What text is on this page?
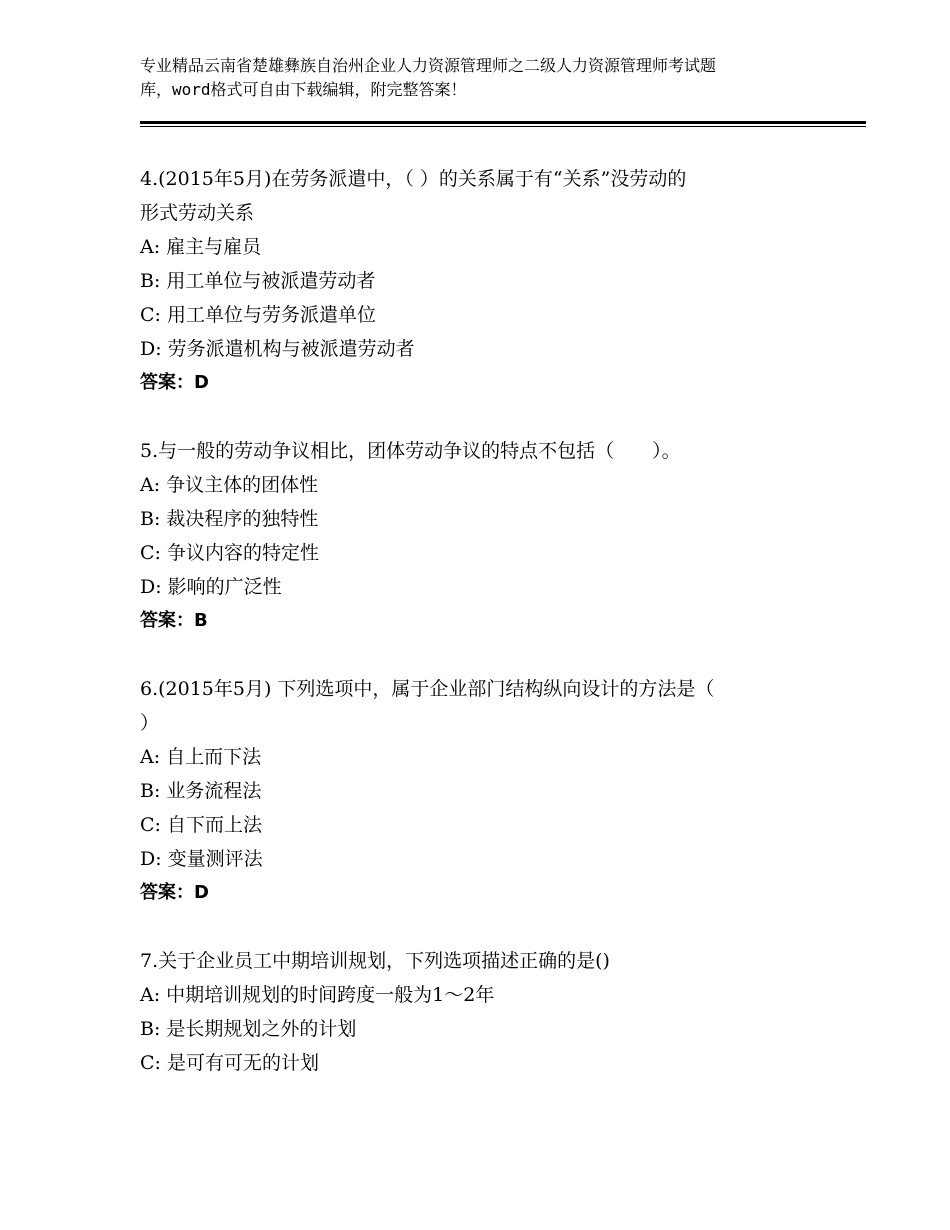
专业精品云南省楚雄彝族自治州企业人力资源管理师之二级人力资源管理师考试题
库，word格式可自由下载编辑，附完整答案！
4.(2015年5月)在劳务派遣中，（ ）的关系属于有“关系”没劳动的
形式劳动关系
A: 雇主与雇员
B: 用工单位与被派遣劳动者
C: 用工单位与劳务派遣单位
D: 劳务派遣机构与被派遣劳动者
答案：D
5.与一般的劳动争议相比，团体劳动争议的特点不包括（　　）。
A: 争议主体的团体性
B: 裁决程序的独特性
C: 争议内容的特定性
D: 影响的广泛性
答案：B
6.(2015年5月) 下列选项中，属于企业部门结构纵向设计的方法是（
）
A: 自上而下法
B: 业务流程法
C: 自下而上法
D: 变量测评法
答案：D
7.关于企业员工中期培训规划，下列选项描述正确的是()
A: 中期培训规划的时间跨度一般为1～2年
B: 是长期规划之外的计划
C: 是可有可无的计划
